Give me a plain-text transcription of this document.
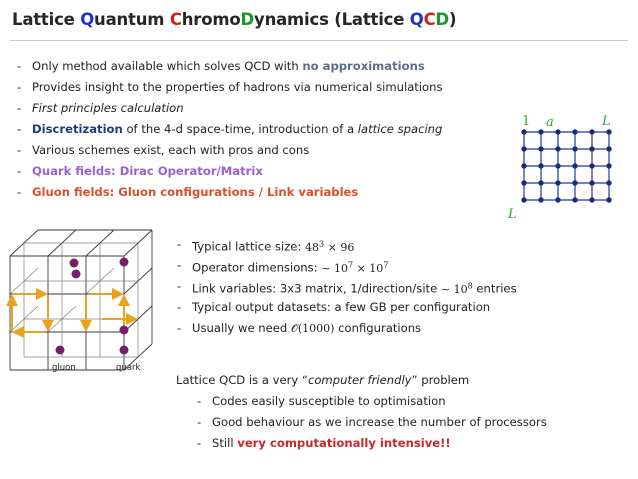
Lattice Quantum ChromoDynamics (Lattice QCD)
- Only method available which solves QCD with no approximations
- Provides insight to the properties of hadrons via numerical simulations
- First principles calculation
- Discretization of the 4-d space-time, introduction of a lattice spacing
- Various schemes exist, each with pros and cons
- Quark fields: Dirac Operator/Matrix
- Gluon fields: Gluon configurations / Link variables
1 a	L
L
gluon	quark
- Typical lattice size: $48^3 \times 96$
- Operator dimensions: ∼ $10^7 \times 10^7$
- Link variables: 3x3 matrix, 1/direction/site ∼ $10^8$ entries
- Typical output datasets: a few GB per configuration
- Usually we need 𝒪(1000) configurations
Lattice QCD is a very “computer friendly” problem
- Codes easily susceptible to optimisation
- Good behaviour as we increase the number of processors
- Still very computationally intensive!!
